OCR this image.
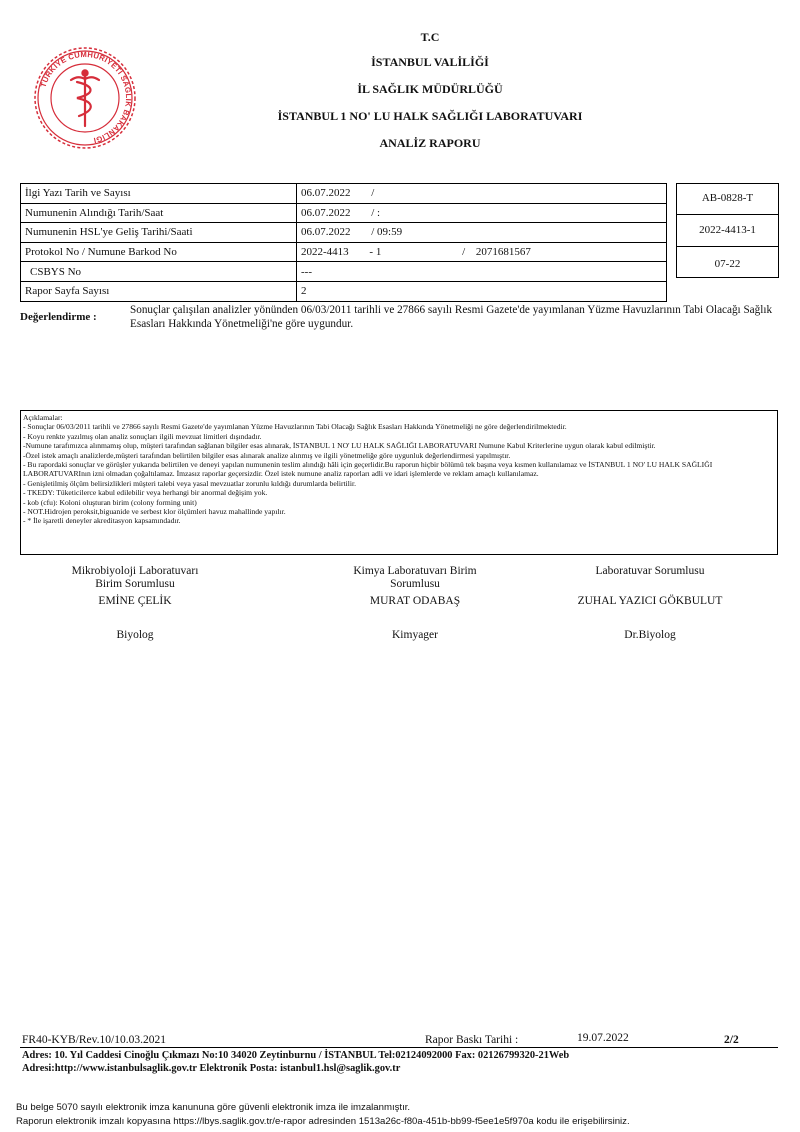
TÜRKİYE CUMHURİYETİ SAĞLIK BAKANLIĞI
T.C
İSTANBUL VALİLİĞİ
İL SAĞLIK MÜDÜRLÜĞÜ
İSTANBUL 1 NO' LU HALK SAĞLIĞI LABORATUVARI
ANALİZ RAPORU
İlgi Yazı Tarih ve Sayısı	06.07.2022 /
Numunenin Alındığı Tarih/Saat	06.07.2022 / :
Numunenin HSL'ye Geliş Tarihi/Saati	06.07.2022 / 09:59
Protokol No / Numune Barkod No	2022-4413 - 1 / 2071681567
CSBYS No	---
Rapor Sayfa Sayısı	2
AB-0828-T
2022-4413-1
07-22
Değerlendirme :
Sonuçlar çalışılan analizler yönünden 06/03/2011 tarihli ve 27866 sayılı Resmi Gazete'de yayımlanan Yüzme Havuzlarının Tabi Olacağı Sağlık Esasları Hakkında Yönetmeliği'ne göre uygundur.
Açıklamalar:
- Sonuçlar 06/03/2011 tarihli ve 27866 sayılı Resmi Gazete'de yayımlanan Yüzme Havuzlarının Tabi Olacağı Sağlık Esasları Hakkında Yönetmeliği ne göre değerlendirilmektedir.
- Koyu renkte yazılmış olan analiz sonuçları ilgili mevzuat limitleri dışındadır.
-Numune tarafımızca alınmamış olup, müşteri tarafından sağlanan bilgiler esas alınarak, İSTANBUL 1 NO' LU HALK SAĞLIĞI LABORATUVARI Numune Kabul Kriterlerine uygun olarak kabul edilmiştir.
-Özel istek amaçlı analizlerde,müşteri tarafından belirtilen bilgiler esas alınarak analize alınmış ve ilgili yönetmeliğe göre uygunluk değerlendirmesi yapılmıştır.
- Bu rapordaki sonuçlar ve görüşler yukarıda belirtilen ve deneyi yapılan numunenin teslim alındığı hâli için geçerlidir.Bu raporun hiçbir bölümü tek başına veya kısmen kullanılamaz ve İSTANBUL 1 NO' LU HALK SAĞLIĞI LABORATUVARInın izni olmadan çoğaltılamaz. İmzasız raporlar geçersizdir. Özel istek numune analiz raporları adli ve idari işlemlerde ve reklam amaçlı kullanılamaz.
- Genişletilmiş ölçüm belirsizlikleri müşteri talebi veya yasal mevzuatlar zorunlu kıldığı durumlarda belirtilir.
- TKEDY: Tüketicilerce kabul edilebilir veya herhangi bir anormal değişim yok.
- kob (cfu): Koloni oluşturan birim (colony forming unit)
- NOT.Hidrojen peroksit,biguanide ve serbest klor ölçümleri havuz mahallinde yapılır.
- * İle işaretli deneyler akreditasyon kapsamındadır.
Mikrobiyoloji Laboratuvarı Birim Sorumlusu
EMİNE ÇELİK
Biyolog
Kimya Laboratuvarı Birim Sorumlusu
MURAT ODABAŞ
Kimyager
Laboratuvar Sorumlusu
ZUHAL YAZICI GÖKBULUT
Dr.Biyolog
FR40-KYB/Rev.10/10.03.2021	Rapor Baskı Tarihi :	19.07.2022	2/2
Adres: 10. Yıl Caddesi Cinoğlu Çıkmazı No:10 34020 Zeytinburnu / İSTANBUL Tel:02124092000 Fax: 02126799320-21Web
Adresi:http://www.istanbulsaglik.gov.tr Elektronik Posta: istanbul1.hsl@saglik.gov.tr
Bu belge 5070 sayılı elektronik imza kanununa göre güvenli elektronik imza ile imzalanmıştır.
Raporun elektronik imzalı kopyasına https://lbys.saglik.gov.tr/e-rapor adresinden 1513a26c-f80a-451b-bb99-f5ee1e5f970a kodu ile erişebilirsiniz.
